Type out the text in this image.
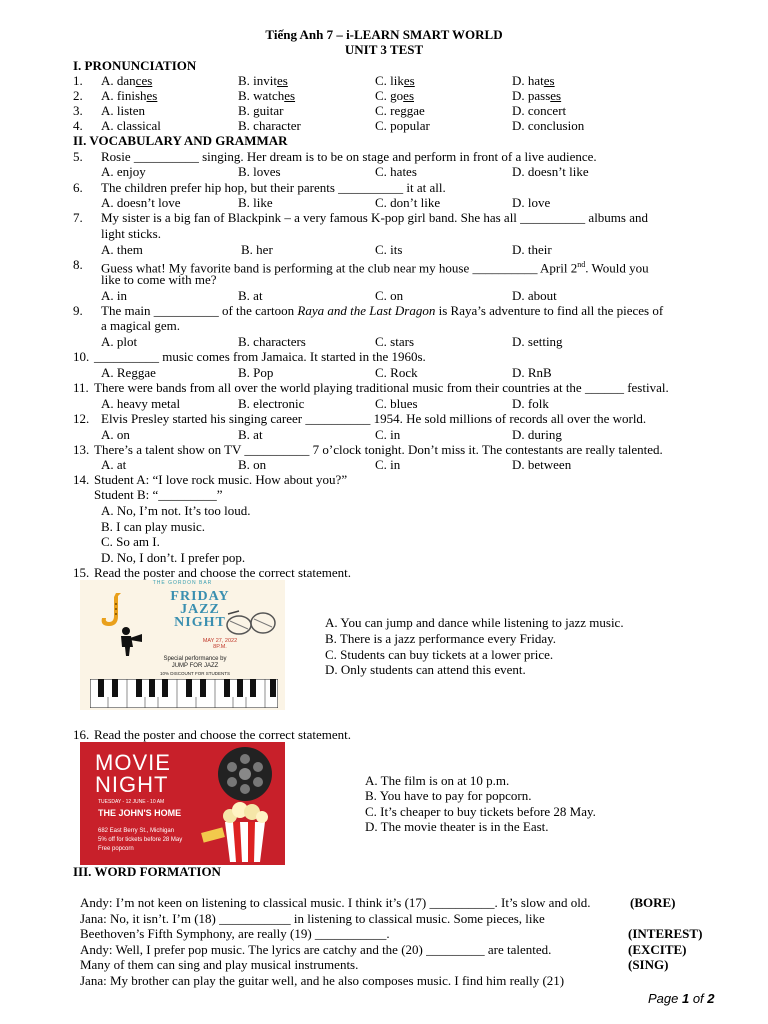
Tiếng Anh 7 – i-LEARN SMART WORLD
UNIT 3 TEST
I. PRONUNCIATION
1. A. dances	B. invites	C. likes	D. hates
2. A. finishes	B. watches	C. goes	D. passes
3. A. listen	B. guitar	C. reggae	D. concert
4. A. classical	B. character	C. popular	D. conclusion
II. VOCABULARY AND GRAMMAR
5. Rosie __________ singing. Her dream is to be on stage and perform in front of a live audience.
A. enjoy	B. loves	C. hates	D. doesn’t like
6. The children prefer hip hop, but their parents __________ it at all.
A. doesn’t love	B. like	C. don’t like	D. love
7. My sister is a big fan of Blackpink – a very famous K-pop girl band. She has all __________ albums and
light sticks.
A. them	B. her	C. its	D. their
8. Guess what! My favorite band is performing at the club near my house __________ April 2nd. Would you
like to come with me?
A. in	B. at	C. on	D. about
9. The main __________ of the cartoon Raya and the Last Dragon is Raya’s adventure to find all the pieces of
a magical gem.
A. plot	B. characters	C. stars	D. setting
10. __________ music comes from Jamaica. It started in the 1960s.
A. Reggae	B. Pop	C. Rock	D. RnB
11. There were bands from all over the world playing traditional music from their countries at the ______ festival.
A. heavy metal	B. electronic	C. blues	D. folk
12. Elvis Presley started his singing career __________ 1954. He sold millions of records all over the world.
A. on	B. at	C. in	D. during
13. There’s a talent show on TV __________ 7 o’clock tonight. Don’t miss it. The contestants are really talented.
A. at	B. on	C. in	D. between
14. Student A: “I love rock music. How about you?”
Student B: “_________”
A. No, I’m not. It’s too loud.
B. I can play music.
C. So am I.
D. No, I don’t. I prefer pop.
15. Read the poster and choose the correct statement.
A. You can jump and dance while listening to jazz music.
B. There is a jazz performance every Friday.
C. Students can buy tickets at a lower price.
D. Only students can attend this event.
THE GORDON BAR
FRIDAY
JAZZ
NIGHT
MAY 27, 2022
8P.M.
Special performance by
JUMP FOR JAZZ
10% DISCOUNT FOR STUDENTS
16. Read the poster and choose the correct statement.
A. The film is on at 10 p.m.
B. You have to pay for popcorn.
C. It’s cheaper to buy tickets before 28 May.
D. The movie theater is in the East.
MOVIE
NIGHT
TUESDAY - 12 JUNE - 10 AM
THE JOHN'S HOME
682 East Berry St., Michigan
5% off for tickets before 28 May
Free popcorn
III. WORD FORMATION
Andy: I’m not keen on listening to classical music. I think it’s (17) __________. It’s slow and old.
Jana: No, it isn’t. I’m (18) ___________ in listening to classical music. Some pieces, like
Beethoven’s Fifth Symphony, are really (19) ___________.
Andy: Well, I prefer pop music. The lyrics are catchy and the (20) _________ are talented.
Many of them can sing and play musical instruments.
Jana: My brother can play the guitar well, and he also composes music. I find him really (21)
(BORE)
(INTEREST)
(EXCITE)
(SING)
Page 1 of 2
